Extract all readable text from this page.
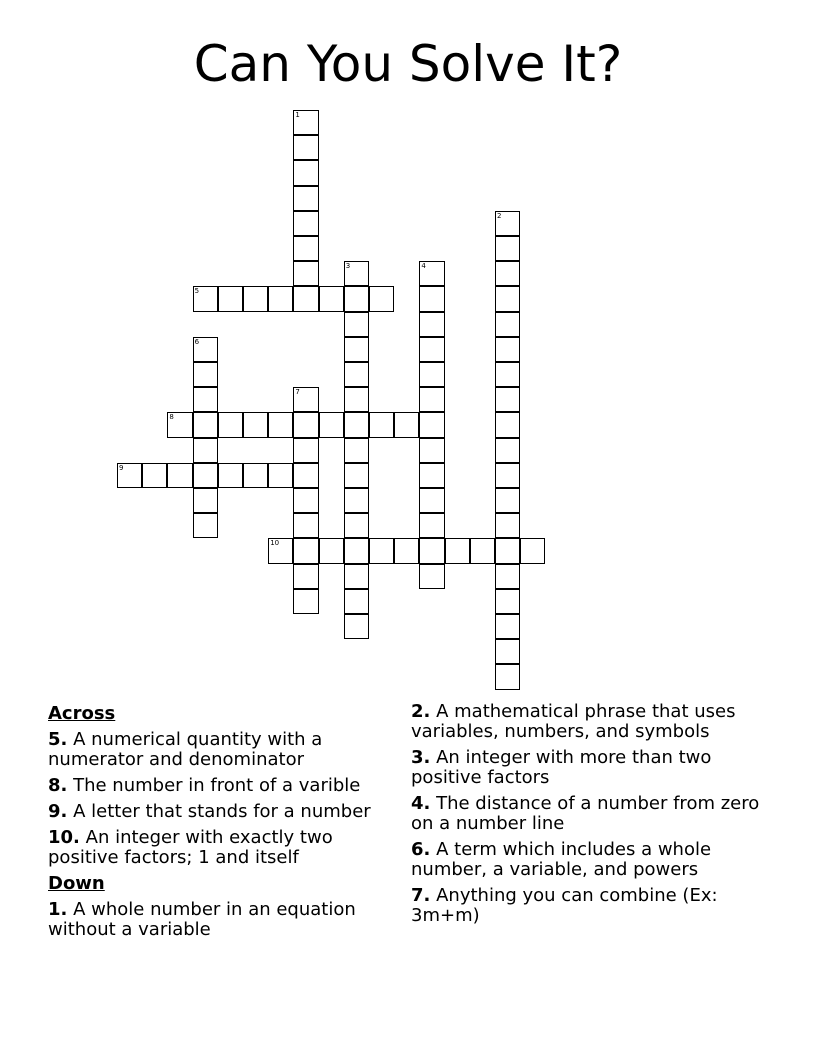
Can You Solve It?
1
2
3	4
5
6
7
8
9
10
Across
5. A numerical quantity with a numerator and denominator
8. The number in front of a varible
9. A letter that stands for a number
10. An integer with exactly two positive factors; 1 and itself
Down
1. A whole number in an equation without a variable
2. A mathematical phrase that uses variables, numbers, and symbols
3. An integer with more than two positive factors
4. The distance of a number from zero on a number line
6. A term which includes a whole number, a variable, and powers
7. Anything you can combine (Ex: 3m+m)
